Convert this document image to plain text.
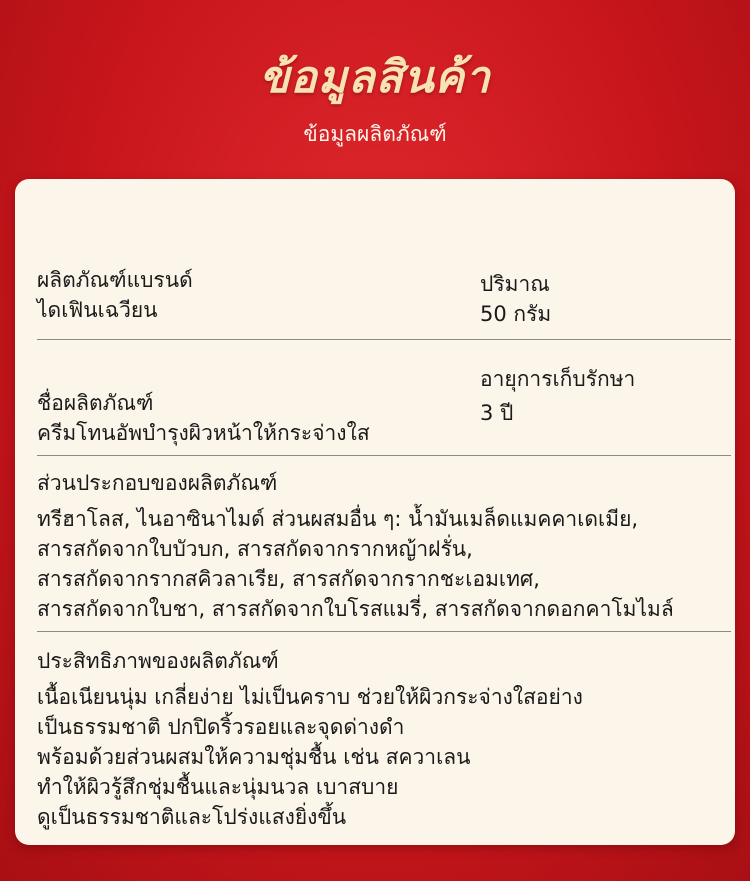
ข้อมูลสินค้า
ข้อมูลผลิตภัณฑ์
ผลิตภัณฑ์แบรนด์
ไดเฟินเฉวียน
ปริมาณ
50 กรัม
ชื่อผลิตภัณฑ์
ครีมโทนอัพบำรุงผิวหน้าให้กระจ่างใส
อายุการเก็บรักษา
3 ปี
ส่วนประกอบของผลิตภัณฑ์
ทรีฮาโลส, ไนอาซินาไมด์ ส่วนผสมอื่น ๆ: น้ำมันเมล็ดแมคคาเดเมีย,
สารสกัดจากใบบัวบก, สารสกัดจากรากหญ้าฝรั่น,
สารสกัดจากรากสคิวลาเรีย, สารสกัดจากรากชะเอมเทศ,
สารสกัดจากใบชา, สารสกัดจากใบโรสแมรี่, สารสกัดจากดอกคาโมไมล์
ประสิทธิภาพของผลิตภัณฑ์
เนื้อเนียนนุ่ม เกลี่ยง่าย ไม่เป็นคราบ ช่วยให้ผิวกระจ่างใสอย่าง
เป็นธรรมชาติ ปกปิดริ้วรอยและจุดด่างดำ
พร้อมด้วยส่วนผสมให้ความชุ่มชื้น เช่น สควาเลน
ทำให้ผิวรู้สึกชุ่มชื้นและนุ่มนวล เบาสบาย
ดูเป็นธรรมชาติและโปร่งแสงยิ่งขึ้น
